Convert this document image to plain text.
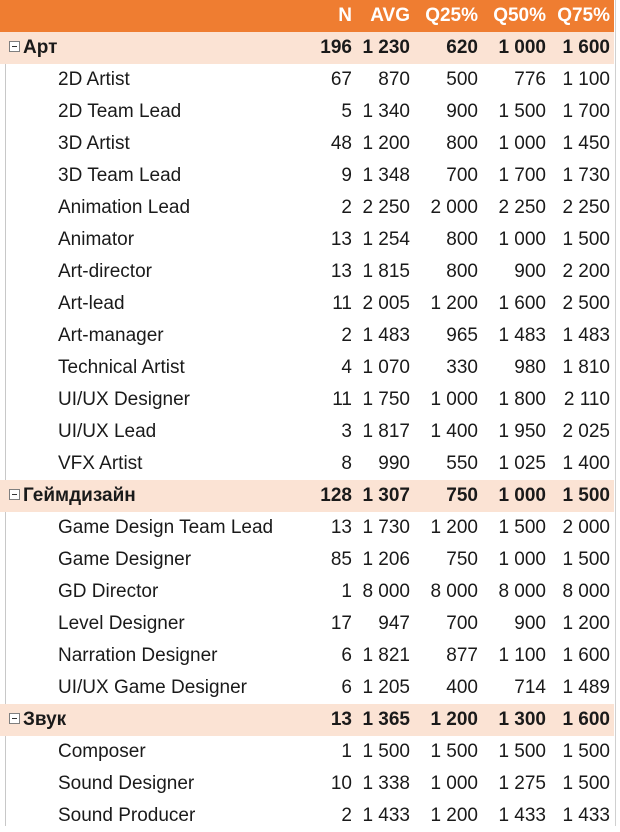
	N	AVG	Q25%	Q50%	Q75%
Арт	196	1 230	620	1 000	1 600
2D Artist	67	870	500	776	1 100
2D Team Lead	5	1 340	900	1 500	1 700
3D Artist	48	1 200	800	1 000	1 450
3D Team Lead	9	1 348	700	1 700	1 730
Animation Lead	2	2 250	2 000	2 250	2 250
Animator	13	1 254	800	1 000	1 500
Art-director	13	1 815	800	900	2 200
Art-lead	11	2 005	1 200	1 600	2 500
Art-manager	2	1 483	965	1 483	1 483
Technical Artist	4	1 070	330	980	1 810
UI/UX Designer	11	1 750	1 000	1 800	2 110
UI/UX Lead	3	1 817	1 400	1 950	2 025
VFX Artist	8	990	550	1 025	1 400
Геймдизайн	128	1 307	750	1 000	1 500
Game Design Team Lead	13	1 730	1 200	1 500	2 000
Game Designer	85	1 206	750	1 000	1 500
GD Director	1	8 000	8 000	8 000	8 000
Level Designer	17	947	700	900	1 200
Narration Designer	6	1 821	877	1 100	1 600
UI/UX Game Designer	6	1 205	400	714	1 489
Звук	13	1 365	1 200	1 300	1 600
Composer	1	1 500	1 500	1 500	1 500
Sound Designer	10	1 338	1 000	1 275	1 500
Sound Producer	2	1 433	1 200	1 433	1 433
